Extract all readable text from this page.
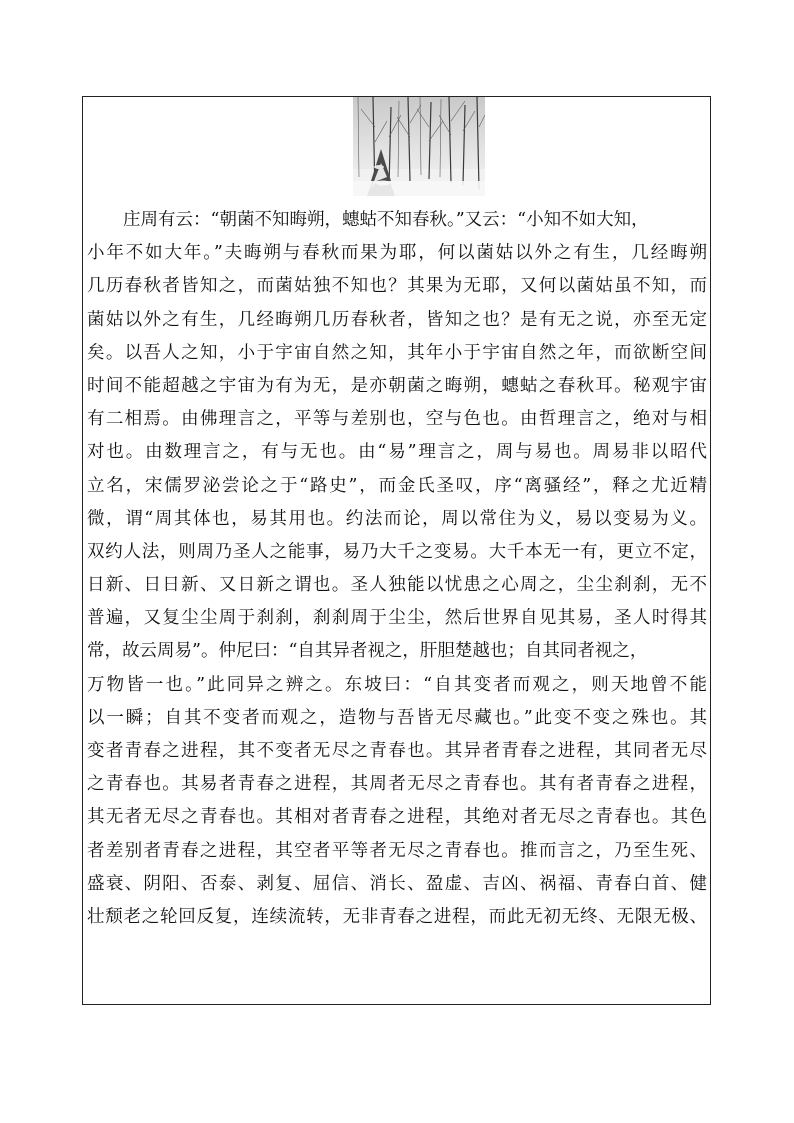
庄周有云：“朝菌不知晦朔，蟪蛄不知春秋。”又云：“小知不如大知，
小年不如大年。”夫晦朔与春秋而果为耶，何以菌姑以外之有生，几经晦朔
几历春秋者皆知之，而菌姑独不知也？其果为无耶，又何以菌姑虽不知，而
菌姑以外之有生，几经晦朔几历春秋者，皆知之也？是有无之说，亦至无定
矣。以吾人之知，小于宇宙自然之知，其年小于宇宙自然之年，而欲断空间
时间不能超越之宇宙为有为无，是亦朝菌之晦朔，蟪蛄之春秋耳。秘观宇宙
有二相焉。由佛理言之，平等与差别也，空与色也。由哲理言之，绝对与相
对也。由数理言之，有与无也。由“易”理言之，周与易也。周易非以昭代
立名，宋儒罗泌尝论之于“路史”，而金氏圣叹，序“离骚经”，释之尤近精
微，谓“周其体也，易其用也。约法而论，周以常住为义，易以变易为义。
双约人法，则周乃圣人之能事，易乃大千之变易。大千本无一有，更立不定，
日新、日日新、又日新之谓也。圣人独能以忧患之心周之，尘尘刹刹，无不
普遍，又复尘尘周于刹刹，刹刹周于尘尘，然后世界自见其易，圣人时得其
常，故云周易”。仲尼曰：“自其异者视之，肝胆楚越也；自其同者视之，
万物皆一也。”此同异之辨之。东坡曰：“自其变者而观之，则天地曾不能
以一瞬；自其不变者而观之，造物与吾皆无尽藏也。”此变不变之殊也。其
变者青春之进程，其不变者无尽之青春也。其异者青春之进程，其同者无尽
之青春也。其易者青春之进程，其周者无尽之青春也。其有者青春之进程，
其无者无尽之青春也。其相对者青春之进程，其绝对者无尽之青春也。其色
者差别者青春之进程，其空者平等者无尽之青春也。推而言之，乃至生死、
盛衰、阴阳、否泰、剥复、屈信、消长、盈虚、吉凶、祸福、青春白首、健
壮颓老之轮回反复，连续流转，无非青春之进程，而此无初无终、无限无极、
